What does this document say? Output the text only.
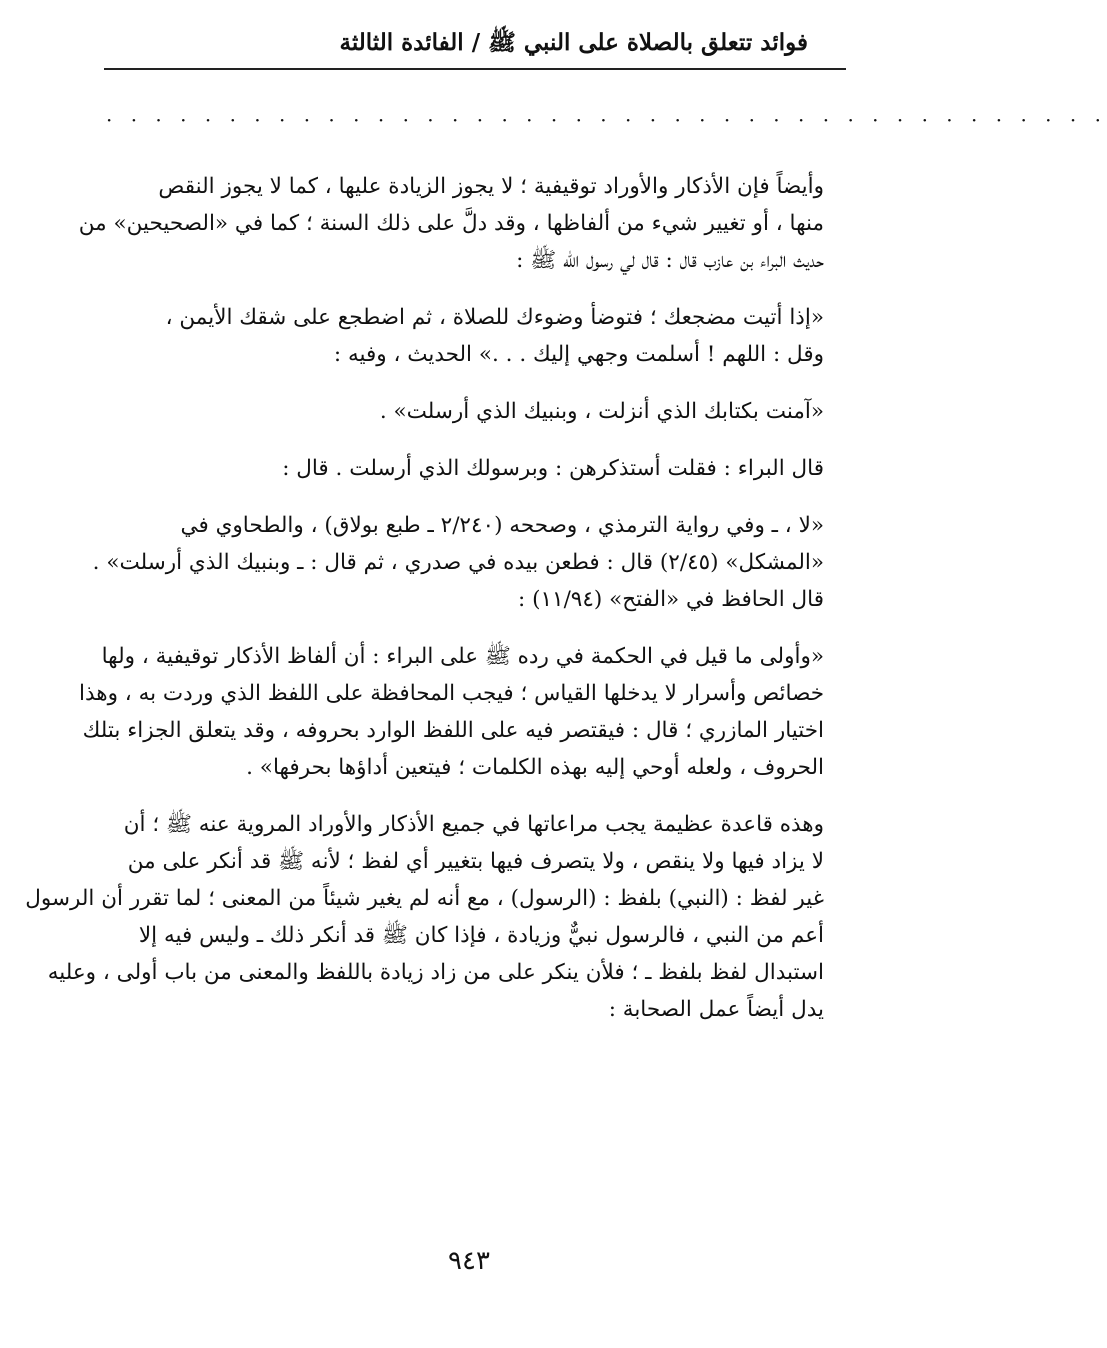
فوائد تتعلق بالصلاة على النبي ﷺ / الفائدة الثالثة
· · · · · · · · · · · · · · · · · · · · · · · · · · · · · · · · · · · · · · · · ·

وأيضاً فإن الأذكار والأوراد توقيفية ؛ لا يجوز الزيادة عليها ، كما لا يجوز النقص
منها ، أو تغيير شيء من ألفاظها ، وقد دلَّ على ذلك السنة ؛ كما في «الصحيحين» من
حديث البراء بن عازب قال : قال لي رسول الله ﷺ :

«إذا أتيت مضجعك ؛ فتوضأ وضوءك للصلاة ، ثم اضطجع على شقك الأيمن ،
وقل : اللهم ! أسلمت وجهي إليك . . .» الحديث ، وفيه :

«آمنت بكتابك الذي أنزلت ، وبنبيك الذي أرسلت» .

قال البراء : فقلت أستذكرهن : وبرسولك الذي أرسلت . قال :

«لا ، ـ وفي رواية الترمذي ، وصححه (٢/٢٤٠ ـ طبع بولاق) ، والطحاوي في
«المشكل» (٢/٤٥) قال : فطعن بيده في صدري ، ثم قال : ـ وبنبيك الذي أرسلت» .
قال الحافظ في «الفتح» (١١/٩٤) :

«وأولى ما قيل في الحكمة في رده ﷺ على البراء : أن ألفاظ الأذكار توقيفية ، ولها
خصائص وأسرار لا يدخلها القياس ؛ فيجب المحافظة على اللفظ الذي وردت به ، وهذا
اختيار المازري ؛ قال : فيقتصر فيه على اللفظ الوارد بحروفه ، وقد يتعلق الجزاء بتلك
الحروف ، ولعله أوحي إليه بهذه الكلمات ؛ فيتعين أداؤها بحرفها» .

وهذه قاعدة عظيمة يجب مراعاتها في جميع الأذكار والأوراد المروية عنه ﷺ ؛ أن
لا يزاد فيها ولا ينقص ، ولا يتصرف فيها بتغيير أي لفظ ؛ لأنه ﷺ قد أنكر على من
غير لفظ : (النبي) بلفظ : (الرسول) ، مع أنه لم يغير شيئاً من المعنى ؛ لما تقرر أن الرسول
أعم من النبي ، فالرسول نبيٌّ وزيادة ، فإذا كان ﷺ قد أنكر ذلك ـ وليس فيه إلا
استبدال لفظ بلفظ ـ ؛ فلأن ينكر على من زاد زيادة باللفظ والمعنى من باب أولى ، وعليه
يدل أيضاً عمل الصحابة :

٩٤٣
